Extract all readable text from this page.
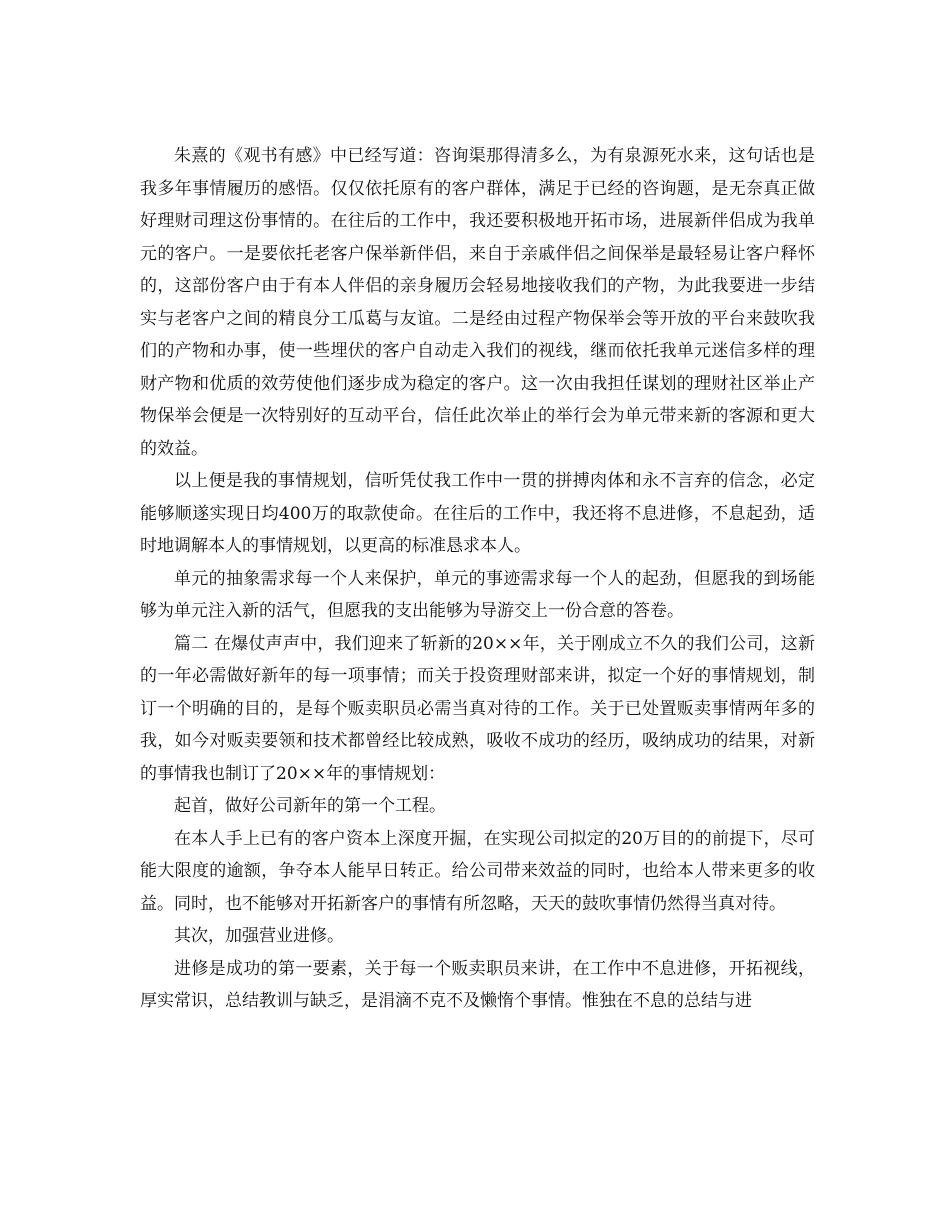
朱熹的《观书有感》中已经写道：咨询渠那得清多么，为有泉源死水来，这句话也是我多年事情履历的感悟。仅仅依托原有的客户群体，满足于已经的咨询题，是无奈真正做好理财司理这份事情的。在往后的工作中，我还要积极地开拓市场，进展新伴侣成为我单元的客户。一是要依托老客户保举新伴侣，来自于亲戚伴侣之间保举是最轻易让客户释怀的，这部份客户由于有本人伴侣的亲身履历会轻易地接收我们的产物，为此我要进一步结实与老客户之间的精良分工瓜葛与友谊。二是经由过程产物保举会等开放的平台来鼓吹我们的产物和办事，使一些埋伏的客户自动走入我们的视线，继而依托我单元迷信多样的理财产物和优质的效劳使他们逐步成为稳定的客户。这一次由我担任谋划的理财社区举止产物保举会便是一次特别好的互动平台，信任此次举止的举行会为单元带来新的客源和更大的效益。

以上便是我的事情规划，信听凭仗我工作中一贯的拼搏肉体和永不言弃的信念，必定能够顺遂实现日均400万的取款使命。在往后的工作中，我还将不息进修，不息起劲，适时地调解本人的事情规划，以更高的标准恳求本人。

单元的抽象需求每一个人来保护，单元的事迹需求每一个人的起劲，但愿我的到场能够为单元注入新的活气，但愿我的支出能够为导游交上一份合意的答卷。

篇二 在爆仗声声中，我们迎来了斩新的20××年，关于刚成立不久的我们公司，这新的一年必需做好新年的每一项事情；而关于投资理财部来讲，拟定一个好的事情规划，制订一个明确的目的，是每个贩卖职员必需当真对待的工作。关于已处置贩卖事情两年多的我，如今对贩卖要领和技术都曾经比较成熟，吸收不成功的经历，吸纳成功的结果，对新的事情我也制订了20××年的事情规划：

起首，做好公司新年的第一个工程。

在本人手上已有的客户资本上深度开掘，在实现公司拟定的20万目的的前提下，尽可能大限度的逾额，争夺本人能早日转正。给公司带来效益的同时，也给本人带来更多的收益。同时，也不能够对开拓新客户的事情有所忽略，天天的鼓吹事情仍然得当真对待。

其次，加强营业进修。

进修是成功的第一要素，关于每一个贩卖职员来讲，在工作中不息进修，开拓视线，厚实常识，总结教训与缺乏，是涓滴不克不及懒惰个事情。惟独在不息的总结与进
